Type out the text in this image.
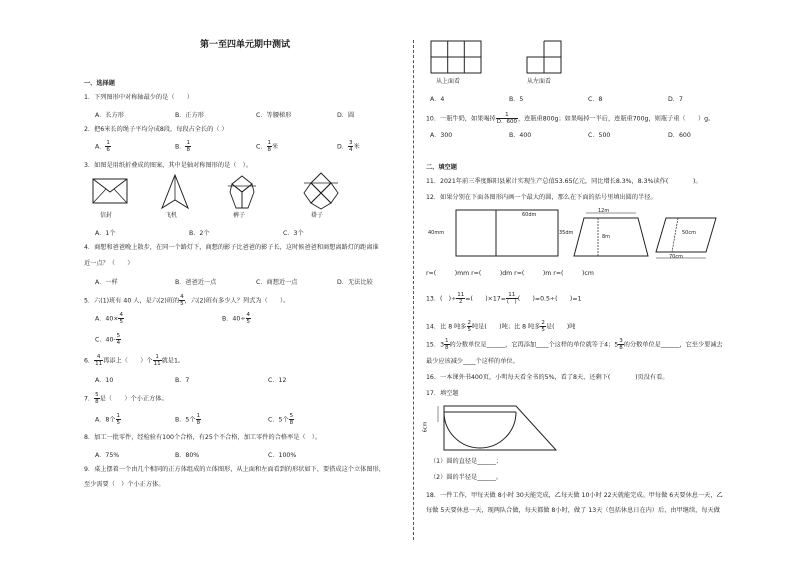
第一至四单元期中测试
一、选择题
1．下列图形中对称轴最少的是（　　）
A．长方形	B．正方形	C．等腰梯形	D．圆
2．把6米长的绳子平均分成8段，每段占全长的（ ）
A． $\frac{1}{6}$	B． $\frac{1}{8}$	C． $\frac{1}{8}$ 米	D． $\frac{3}{4}$ 米
3．如图是用纸折叠成的图案，其中是轴对称图形的是（　）。
信封	飞机	裤子	褂子
A．1个	B．2个	C．3个
4．商想和爸爸晚上散步，在同一个路灯下，商想的影子比爸爸的影子长，这时候爸爸和商想离路灯的距离谁
近一点？（　　）
A．一样	B．爸爸近一点	C．商想近一点	D．无法比较
5．六(1)班有 40 人，是六(2)班的 $\frac{4}{5}$ ，六(2)班有多少人？列式为（　　）。
A．$40\times \frac{4}{5}$	B．$40\div \frac{4}{5}$
C．$40- \frac{5}{4}$
6． $\frac{4}{11}$ 再添上（　　）个 $\frac{1}{11}$ 就是1。
A．10	B．7	C．12
7． $\frac{5}{8}$ 是（　　）个小正方体。
A．8个 $\frac{1}{5}$	B．5个 $\frac{1}{8}$	C．5个 $\frac{5}{8}$
8．加工一批零件，经检验有100个合格，有25个不合格，加工零件的合格率是（　）。
A．75%	B．80%	C．100%
9．桌上摆着一个由几个相同的正方体组成的立体图形，从上面和左面看到的形状如下，要搭成这个立体图形，
至少需要（　）个小正方体。
从上面看	从左面看
A．4	B．5	C．8	D．7
10．一瓶牛奶，如果喝掉 $\frac{1}{D.600}$ ，连瓶重800g；如果喝掉一半后，连瓶重700g，则瓶子重（　　）g。
A．300	B．400	C．500	D．600
二、填空题
11．2021年前三季度睢阳县累计实现生产总值53.65亿元，同比增长8.3%，8.3%读作(　　　　)。
12．如果分别在下面各图形内画一个最大的圆，那么在下面的括号里填出圆的半径。
40mm
60dm
35dm
12m
8m
50cm
70cm
r=(　　　)mm r=(　　　)dm r=(　　　)m r=(　　　)cm
13．(　)÷ $\frac{11}{2}$ =(　　)$\times 17= \frac{11}{( )}$ (　　)=0.5÷(　　)=1
14．比 8 吨多 $\frac{2}{5}$ 吨是(　　)吨；比 8 吨多 $\frac{2}{5}$ 是(　　)吨
15．$3 \frac{1}{8}$ 的分数单位是______，它再添加____个这样的单位就等于4；$5 \frac{3}{8}$ 的分数单位是______，它至少要减去
最少应该减少____个这样的单位。
16．一本课外书400页，小明每天看全书的5%，看了8天，还剩下(　　　　)页没有看。
17．填空题
6cm
（1）圆的直径是______；
（2）圆的半径是______。
18．一件工作，甲每天做 8小时 30天能完成，乙每天做 10小时 22天就能完成。甲每做 6天要休息一天，乙
每做 5天要休息一天，现两队合做，每天都做 8小时，做了 13天（包括休息日在内）后，由甲继续，每天做
